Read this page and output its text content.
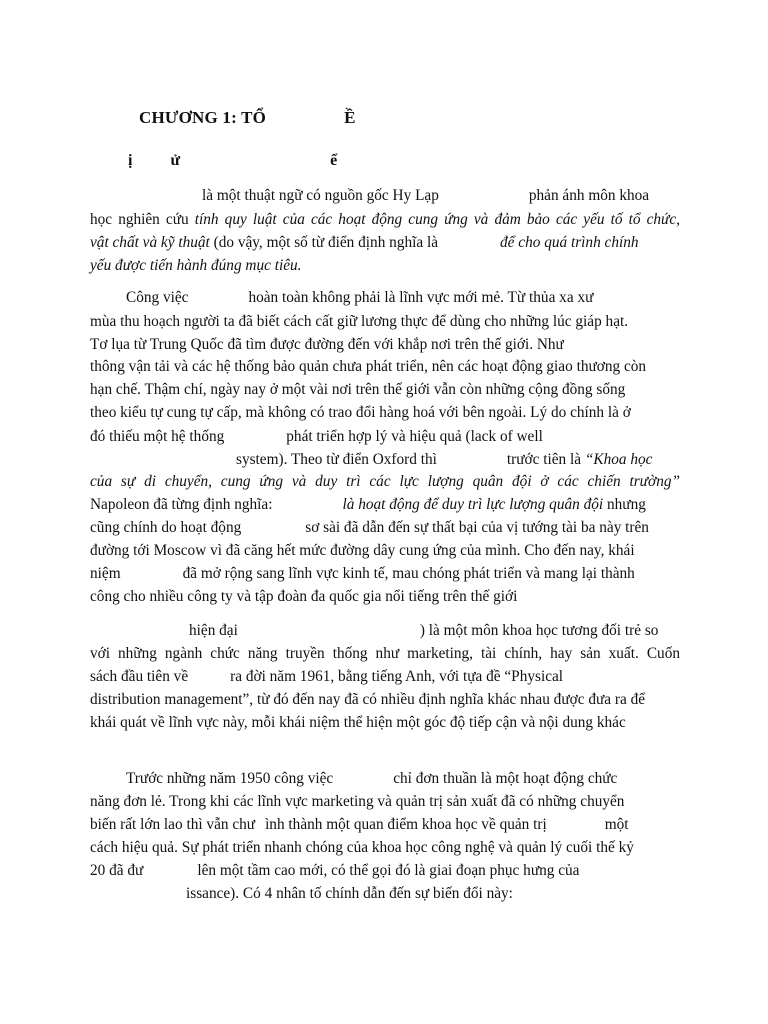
CHƯƠNG 1: TỔ	Ề
ị ử	ể
là một thuật ngữ có nguồn gốc Hy Lạp	phản ánh môn khoa
học nghiên cứu tính quy luật của các hoạt động cung ứng và đảm bảo các yếu tố tổ chức,
vật chất và kỹ thuật (do vậy, một số từ điển định nghĩa là	để cho quá trình chính
yếu được tiến hành đúng mục tiêu.
Công việc	hoàn toàn không phải là lĩnh vực mới mẻ. Từ thủa xa xư
mùa thu hoạch người ta đã biết cách cất giữ lương thực để dùng cho những lúc giáp hạt.
Tơ lụa từ Trung Quốc đã tìm được đường đến với khắp nơi trên thế giới. Như
thông vận tải và các hệ thống bảo quản chưa phát triển, nên các hoạt động giao thương còn
hạn chế. Thậm chí, ngày nay ở một vài nơi trên thế giới vẫn còn những cộng đồng sống
theo kiểu tự cung tự cấp, mà không có trao đổi hàng hoá với bên ngoài. Lý do chính là ở
đó thiếu một hệ thống	phát triển hợp lý và hiệu quả (lack of well
system). Theo từ điển Oxford thì	trước tiên là “Khoa học
của sự di chuyển, cung ứng và duy trì các lực lượng quân đội ở các chiến trường”
Napoleon đã từng định nghĩa:	là hoạt động để duy trì lực lượng quân đội nhưng
cũng chính do hoạt động	sơ sài đã dẫn đến sự thất bại của vị tướng tài ba này trên
đường tới Moscow vì đã căng hết mức đường dây cung ứng của mình. Cho đến nay, khái
niệm	đã mở rộng sang lĩnh vực kinh tế, mau chóng phát triển và mang lại thành
công cho nhiều công ty và tập đoàn đa quốc gia nổi tiếng trên thế giới
hiện đại	) là một môn khoa học tương đối trẻ so
với những ngành chức năng truyền thống như marketing, tài chính, hay sản xuất. Cuốn
sách đầu tiên về	ra đời năm 1961, bằng tiếng Anh, với tựa đề “Physical
distribution management”, từ đó đến nay đã có nhiều định nghĩa khác nhau được đưa ra để
khái quát về lĩnh vực này, mỗi khái niệm thể hiện một góc độ tiếp cận và nội dung khác
Trước những năm 1950 công việc	chỉ đơn thuần là một hoạt động chức
năng đơn lẻ. Trong khi các lĩnh vực marketing và quản trị sản xuất đã có những chuyển
biến rất lớn lao thì vẫn chư ình thành một quan điểm khoa học về quản trị	một
cách hiệu quả. Sự phát triển nhanh chóng của khoa học công nghệ và quản lý cuối thế kỷ
20 đã đư	lên một tầm cao mới, có thể gọi đó là giai đoạn phục hưng của
issance). Có 4 nhân tố chính dẫn đến sự biến đổi này:
